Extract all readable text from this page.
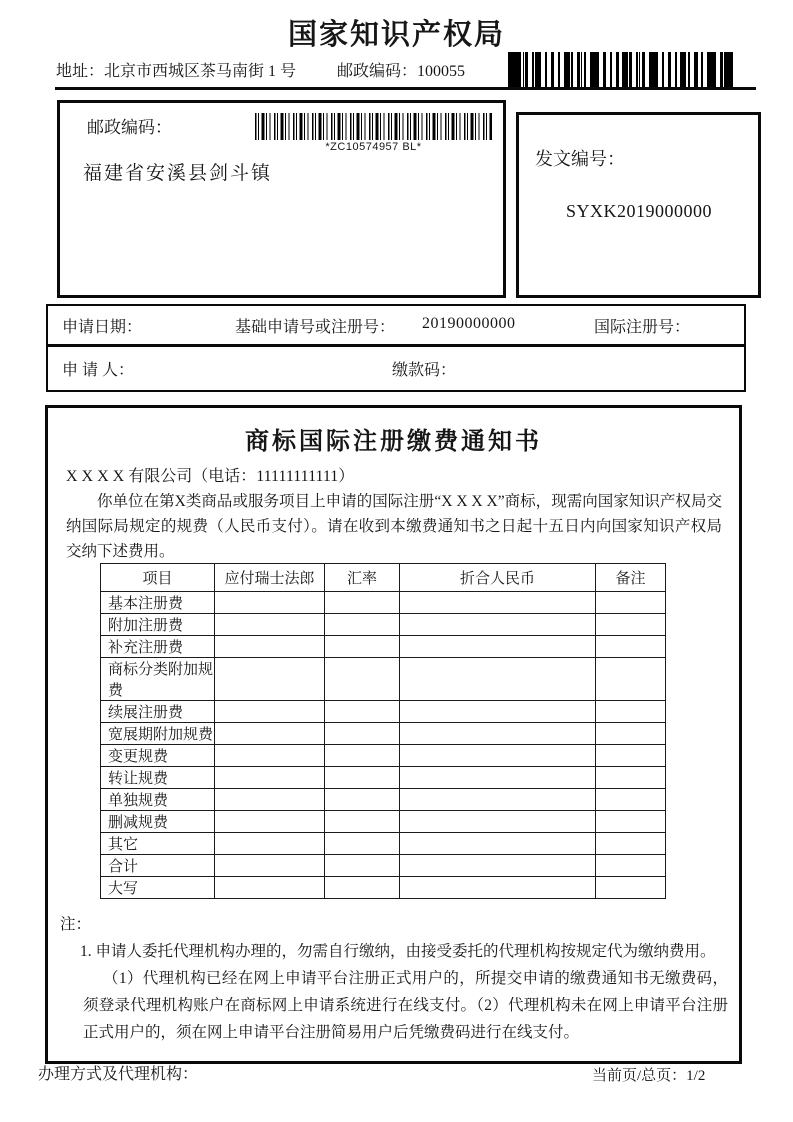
国家知识产权局
地址：北京市西城区茶马南街 1 号	邮政编码：100055
邮政编码：
*ZC10574957 BL*
福建省安溪县剑斗镇
发文编号：
SYXK2019000000
申请日期：	基础申请号或注册号： 20190000000	国际注册号：
申 请 人：	缴款码：
商标国际注册缴费通知书
X X X X 有限公司（电话：11111111111）
你单位在第X类商品或服务项目上申请的国际注册“X X X X”商标，现需向国家知识产权局交纳国际局规定的规费（人民币支付）。请在收到本缴费通知书之日起十五日内向国家知识产权局交纳下述费用。
项目	应付瑞士法郎	汇率	折合人民币	备注
基本注册费				
附加注册费				
补充注册费				
商标分类附加规费				
续展注册费				
宽展期附加规费				
变更规费				
转让规费				
单独规费				
删减规费				
其它				
合计				
大写				

注：

1. 申请人委托代理机构办理的，勿需自行缴纳，由接受委托的代理机构按规定代为缴纳费用。

（1）代理机构已经在网上申请平台注册正式用户的，所提交申请的缴费通知书无缴费码，须登录代理机构账户在商标网上申请系统进行在线支付。（2）代理机构未在网上申请平台注册正式用户的，须在网上申请平台注册简易用户后凭缴费码进行在线支付。

办理方式及代理机构：	当前页/总页：1/2
